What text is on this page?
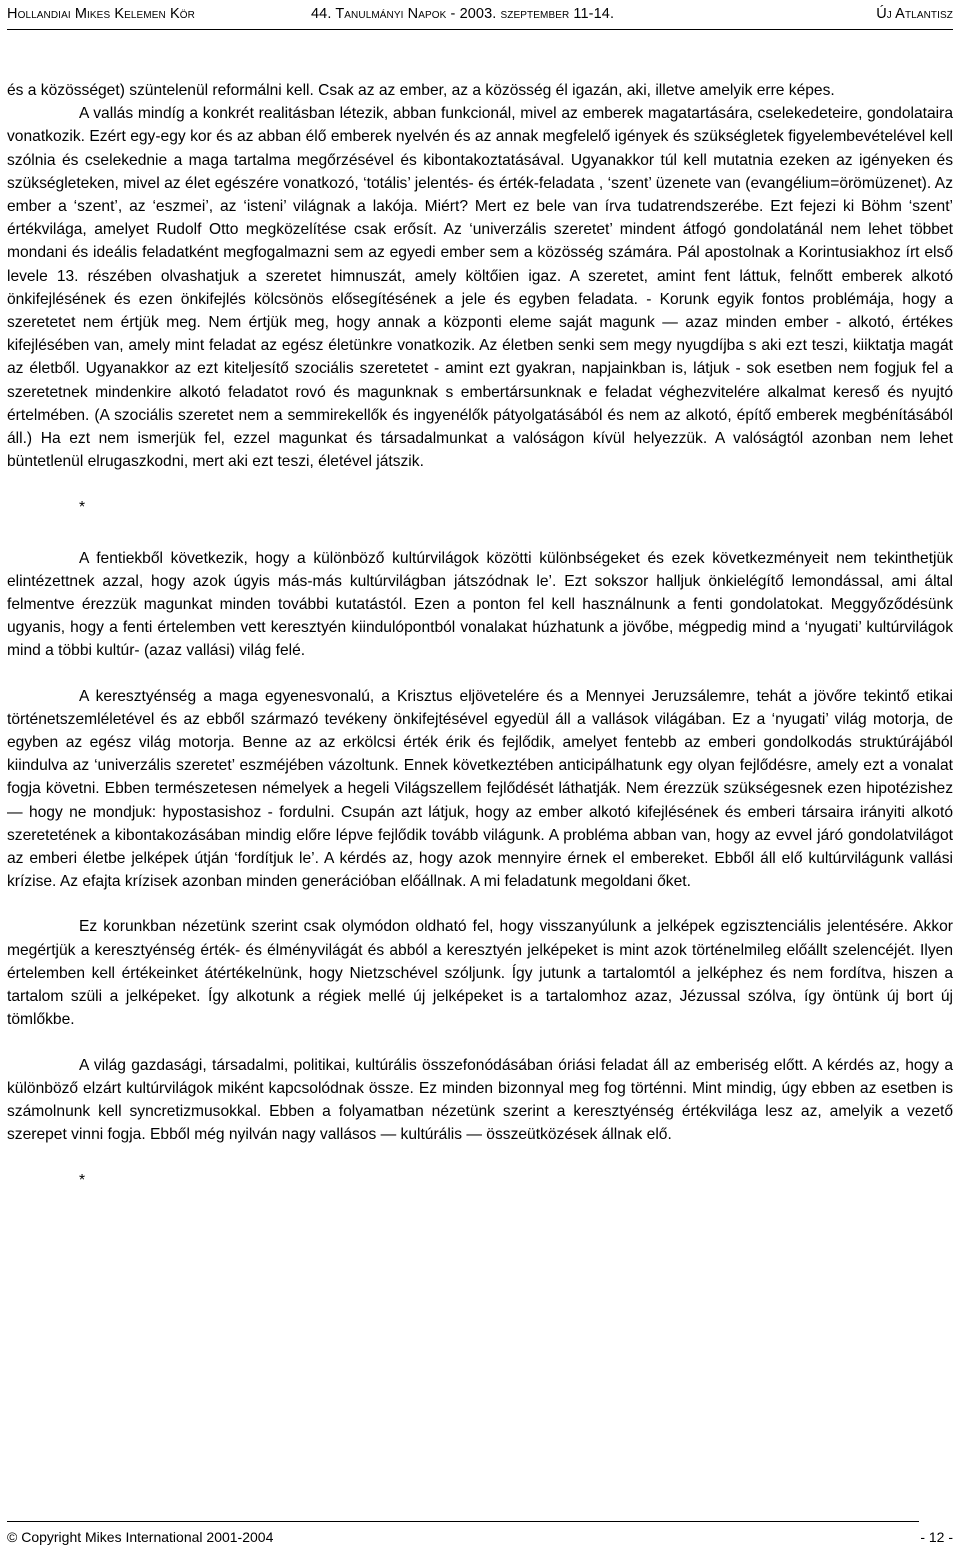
Hollandiai Mikes Kelemen Kör	44. Tanulmányi Napok - 2003. szeptember 11-14.	Új Atlantisz

és a közösséget) szüntelenül reformálni kell. Csak az az ember, az a közösség él igazán, aki, illetve amelyik erre képes.

A vallás mindíg a konkrét realitásban létezik, abban funkcionál, mivel az emberek magatartására, cselekedeteire, gondolataira vonatkozik. Ezért egy-egy kor és az abban élő emberek nyelvén és az annak megfelelő igények és szükségletek figyelembevételével kell szólnia és cselekednie a maga tartalma megőrzésével és kibontakoztatásával. Ugyanakkor túl kell mutatnia ezeken az igényeken és szükségleteken, mivel az élet egészére vonatkozó, ‘totális’ jelentés- és érték-feladata , ‘szent’ üzenete van (evangélium=örömüzenet). Az ember a ‘szent’, az ‘eszmei’, az ‘isteni’ világnak a lakója. Miért? Mert ez bele van írva tudatrendszerébe. Ezt fejezi ki Böhm ‘szent’ értékvilága, amelyet Rudolf Otto megközelítése csak erősít. Az ‘univerzális szeretet’ mindent átfogó gondolatánál nem lehet többet mondani és ideális feladatként megfogalmazni sem az egyedi ember sem a közösség számára. Pál apostolnak a Korintusiakhoz írt első levele 13. részében olvashatjuk a szeretet himnuszát, amely költőien igaz. A szeretet, amint fent láttuk, felnőtt emberek alkotó önkifejlésének és ezen önkifejlés kölcsönös elősegítésének a jele és egyben feladata. - Korunk egyik fontos problémája, hogy a szeretetet nem értjük meg. Nem értjük meg, hogy annak a központi eleme saját magunk — azaz minden ember - alkotó, értékes kifejlésében van, amely mint feladat az egész életünkre vonatkozik. Az életben senki sem megy nyugdíjba s aki ezt teszi, kiiktatja magát az életből. Ugyanakkor az ezt kiteljesítő szociális szeretetet - amint ezt gyakran, napjainkban is, látjuk - sok esetben nem fogjuk fel a szeretetnek mindenkire alkotó feladatot rovó és magunknak s embertársunknak e feladat véghezvitelére alkalmat kereső és nyujtó értelmében. (A szociális szeretet nem a semmirekellők és ingyenélők pátyolgatásából és nem az alkotó, építő emberek megbénításából áll.) Ha ezt nem ismerjük fel, ezzel magunkat és társadalmunkat a valóságon kívül helyezzük. A valóságtól azonban nem lehet büntetlenül elrugaszkodni, mert aki ezt teszi, életével játszik.

*

A fentiekből következik, hogy a különböző kultúrvilágok közötti különbségeket és ezek következményeit nem tekinthetjük elintézettnek azzal, hogy azok úgyis más-más kultúrvilágban játszódnak le’. Ezt sokszor halljuk önkielégítő lemondással, ami által felmentve érezzük magunkat minden további kutatástól. Ezen a ponton fel kell használnunk a fenti gondolatokat. Meggyőződésünk ugyanis, hogy a fenti értelemben vett keresztyén kiindulópontból vonalakat húzhatunk a jövőbe, mégpedig mind a ‘nyugati’ kultúrvilágok mind a többi kultúr- (azaz vallási) világ felé.

A keresztyénség a maga egyenesvonalú, a Krisztus eljövetelére és a Mennyei Jeruzsálemre, tehát a jövőre tekintő etikai történetszemléletével és az ebből származó tevékeny önkifejtésével egyedül áll a vallások világában. Ez a ‘nyugati’ világ motorja, de egyben az egész világ motorja. Benne az az erkölcsi érték érik és fejlődik, amelyet fentebb az emberi gondolkodás struktúrájából kiindulva az ‘univerzális szeretet’ eszméjében vázoltunk. Ennek következtében anticipálhatunk egy olyan fejlődésre, amely ezt a vonalat fogja követni. Ebben természetesen némelyek a hegeli Világszellem fejlődését láthatják. Nem érezzük szükségesnek ezen hipotézishez — hogy ne mondjuk: hypostasishoz - fordulni. Csupán azt látjuk, hogy az ember alkotó kifejlésének és emberi társaira irányiti alkotó szeretetének a kibontakozásában mindig előre lépve fejlődik tovább világunk. A probléma abban van, hogy az evvel járó gondolatvilágot az emberi életbe jelképek útján ‘fordítjuk le’. A kérdés az, hogy azok mennyire érnek el embereket. Ebből áll elő kultúrvilágunk vallási krízise. Az efajta krízisek azonban minden generációban előállnak. A mi feladatunk megoldani őket.

Ez korunkban nézetünk szerint csak olymódon oldható fel, hogy visszanyúlunk a jelképek egzisztenciális jelentésére. Akkor megértjük a keresztyénség érték- és élményvilágát és abból a keresztyén jelképeket is mint azok történelmileg előállt szelencéjét. Ilyen értelemben kell értékeinket átértékelnünk, hogy Nietzschével szóljunk. Így jutunk a tartalomtól a jelképhez és nem fordítva, hiszen a tartalom szüli a jelképeket. Így alkotunk a régiek mellé új jelképeket is a tartalomhoz azaz, Jézussal szólva, így öntünk új bort új tömlőkbe.

A világ gazdasági, társadalmi, politikai, kultúrális összefonódásában óriási feladat áll az emberiség előtt. A kérdés az, hogy a különböző elzárt kultúrvilágok miként kapcsolódnak össze. Ez minden bizonnyal meg fog történni. Mint mindig, úgy ebben az esetben is számolnunk kell syncretizmusokkal. Ebben a folyamatban nézetünk szerint a keresztyénség értékvilága lesz az, amelyik a vezető szerepet vinni fogja. Ebből még nyilván nagy vallásos — kultúrális — összeütközések állnak elő.

*
© Copyright Mikes International 2001-2004	- 12 -
